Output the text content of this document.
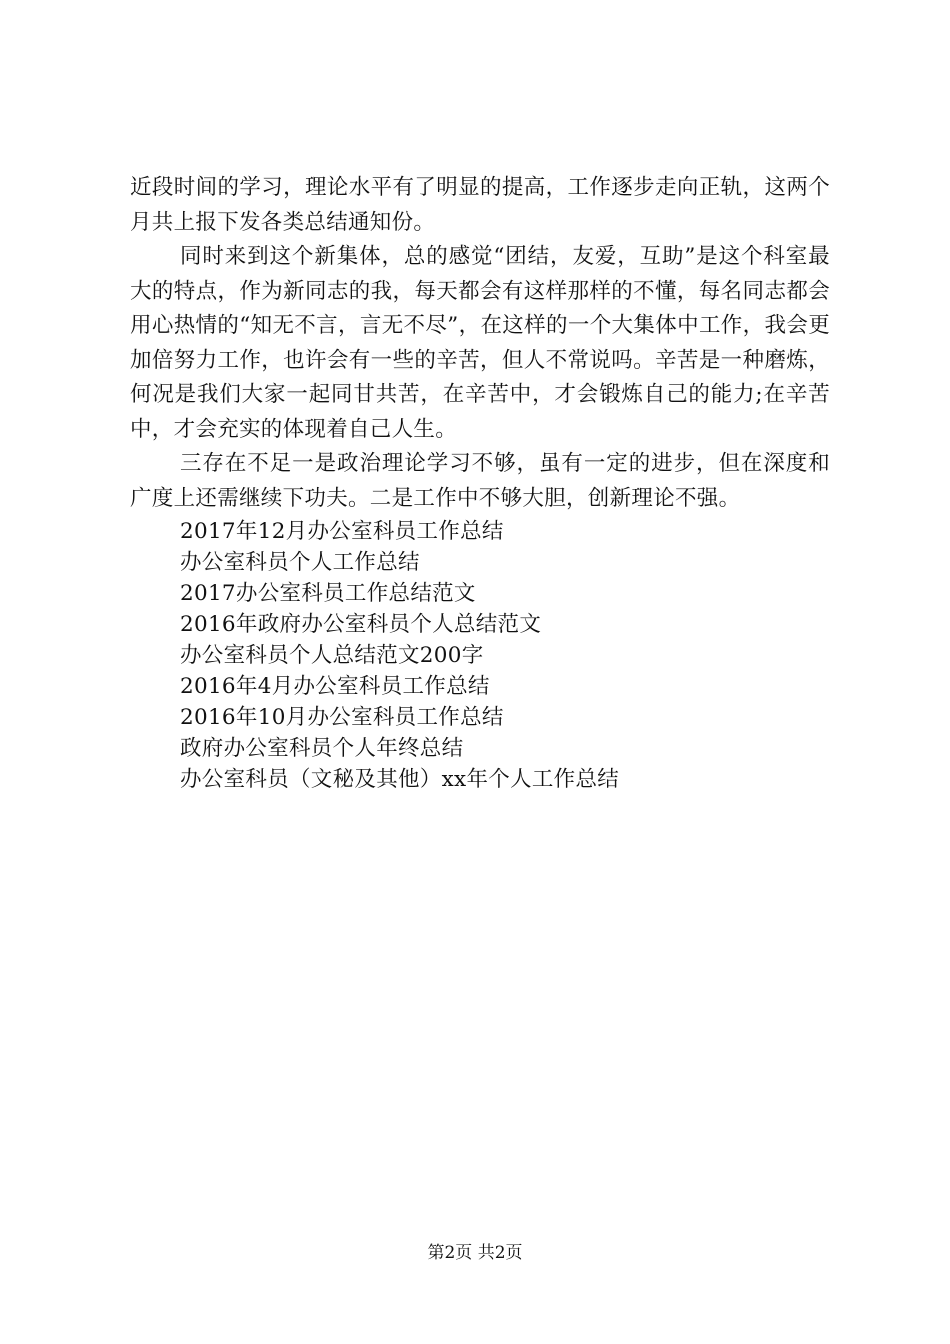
近段时间的学习，理论水平有了明显的提高，工作逐步走向正轨，这两个月共上报下发各类总结通知份。

同时来到这个新集体，总的感觉“团结，友爱，互助”是这个科室最大的特点，作为新同志的我，每天都会有这样那样的不懂，每名同志都会用心热情的“知无不言，言无不尽”，在这样的一个大集体中工作，我会更加倍努力工作，也许会有一些的辛苦，但人不常说吗。辛苦是一种磨炼，何况是我们大家一起同甘共苦，在辛苦中，才会锻炼自己的能力;在辛苦中，才会充实的体现着自己人生。

三存在不足一是政治理论学习不够，虽有一定的进步，但在深度和广度上还需继续下功夫。二是工作中不够大胆，创新理论不强。

2017年12月办公室科员工作总结
办公室科员个人工作总结
2017办公室科员工作总结范文
2016年政府办公室科员个人总结范文
办公室科员个人总结范文200字
2016年4月办公室科员工作总结
2016年10月办公室科员工作总结
政府办公室科员个人年终总结
办公室科员（文秘及其他）xx年个人工作总结
第2页 共2页
